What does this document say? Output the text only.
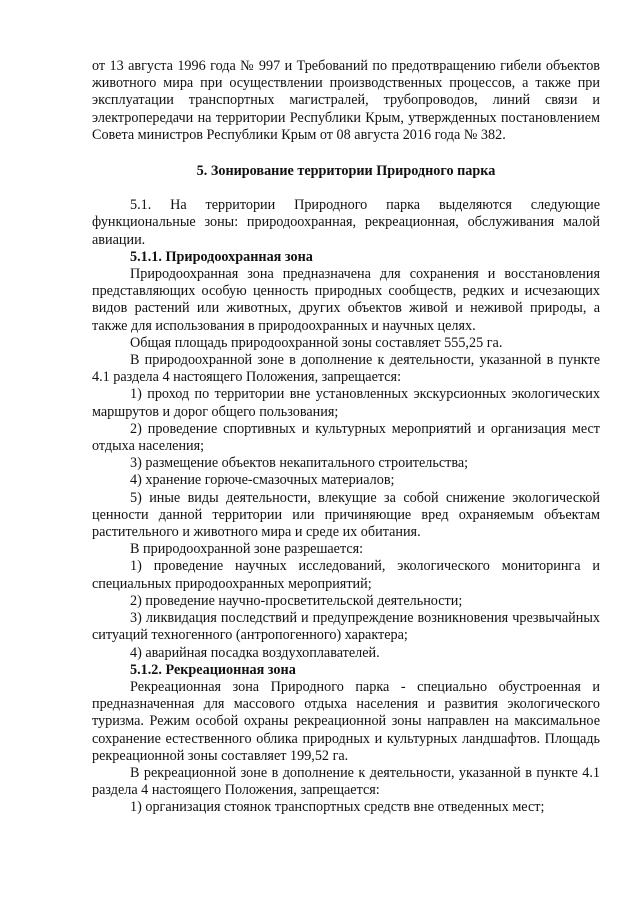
от 13 августа 1996 года № 997 и Требований по предотвращению гибели объектов животного мира при осуществлении производственных процессов, а также при эксплуатации транспортных магистралей, трубопроводов, линий связи и электропередачи на территории Республики Крым, утвержденных постановлением Совета министров Республики Крым от 08 августа 2016 года № 382.

5. Зонирование территории Природного парка

5.1. На территории Природного парка выделяются следующие функциональные зоны: природоохранная, рекреационная, обслуживания малой авиации.

5.1.1. Природоохранная зона

Природоохранная зона предназначена для сохранения и восстановления представляющих особую ценность природных сообществ, редких и исчезающих видов растений или животных, других объектов живой и неживой природы, а также для использования в природоохранных и научных целях.

Общая площадь природоохранной зоны составляет 555,25 га.

В природоохранной зоне в дополнение к деятельности, указанной в пункте 4.1 раздела 4 настоящего Положения, запрещается:

1) проход по территории вне установленных экскурсионных экологических маршрутов и дорог общего пользования;

2) проведение спортивных и культурных мероприятий и организация мест отдыха населения;

3) размещение объектов некапитального строительства;

4) хранение горюче-смазочных материалов;

5) иные виды деятельности, влекущие за собой снижение экологической ценности данной территории или причиняющие вред охраняемым объектам растительного и животного мира и среде их обитания.

В природоохранной зоне разрешается:

1) проведение научных исследований, экологического мониторинга и специальных природоохранных мероприятий;

2) проведение научно-просветительской деятельности;

3) ликвидация последствий и предупреждение возникновения чрезвычайных ситуаций техногенного (антропогенного) характера;

4) аварийная посадка воздухоплавателей.

5.1.2. Рекреационная зона

Рекреационная зона Природного парка - специально обустроенная и предназначенная для массового отдыха населения и развития экологического туризма. Режим особой охраны рекреационной зоны направлен на максимальное сохранение естественного облика природных и культурных ландшафтов. Площадь рекреационной зоны составляет 199,52 га.

В рекреационной зоне в дополнение к деятельности, указанной в пункте 4.1 раздела 4 настоящего Положения, запрещается:

1) организация стоянок транспортных средств вне отведенных мест;
